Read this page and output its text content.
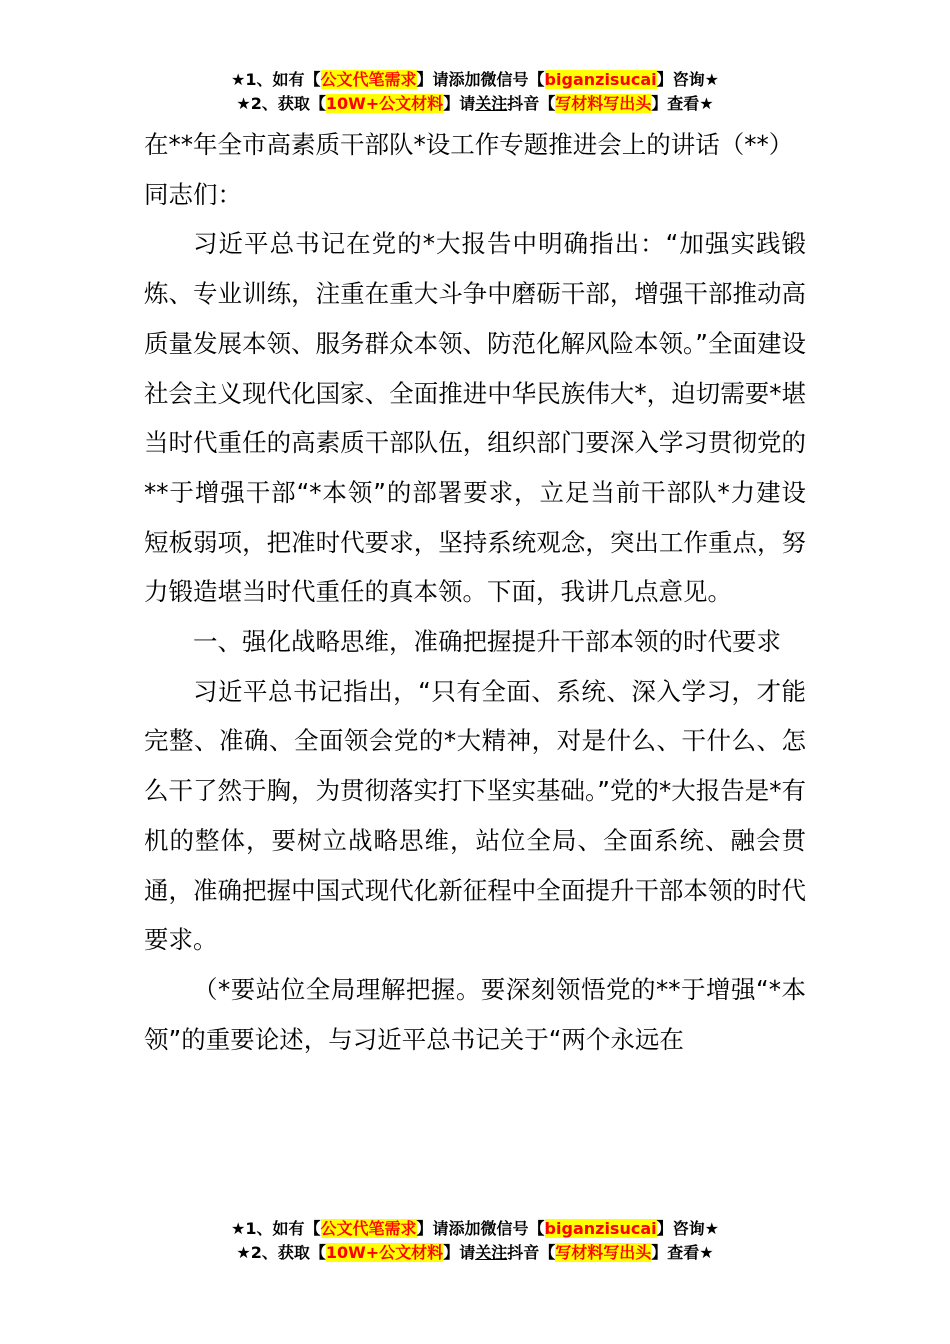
★1、如有【公文代笔需求】请添加微信号【biganzisucai】咨询★
★2、获取【10W+公文材料】请关注抖音【写材料写出头】查看★

在**年全市高素质干部队*设工作专题推进会上的讲话（**）

同志们：

习近平总书记在党的*大报告中明确指出：“加强实践锻炼、专业训练，注重在重大斗争中磨砺干部，增强干部推动高质量发展本领、服务群众本领、防范化解风险本领。”全面建设社会主义现代化国家、全面推进中华民族伟大*，迫切需要*堪当时代重任的高素质干部队伍，组织部门要深入学习贯彻党的**于增强干部“*本领”的部署要求，立足当前干部队*力建设短板弱项，把准时代要求，坚持系统观念，突出工作重点，努力锻造堪当时代重任的真本领。下面，我讲几点意见。

一、强化战略思维，准确把握提升干部本领的时代要求

习近平总书记指出，“只有全面、系统、深入学习，才能完整、准确、全面领会党的*大精神，对是什么、干什么、怎么干了然于胸，为贯彻落实打下坚实基础。”党的*大报告是*有机的整体，要树立战略思维，站位全局、全面系统、融会贯通，准确把握中国式现代化新征程中全面提升干部本领的时代要求。

（*要站位全局理解把握。要深刻领悟党的**于增强“*本领”的重要论述，与习近平总书记关于“两个永远在

★1、如有【公文代笔需求】请添加微信号【biganzisucai】咨询★
★2、获取【10W+公文材料】请关注抖音【写材料写出头】查看★
